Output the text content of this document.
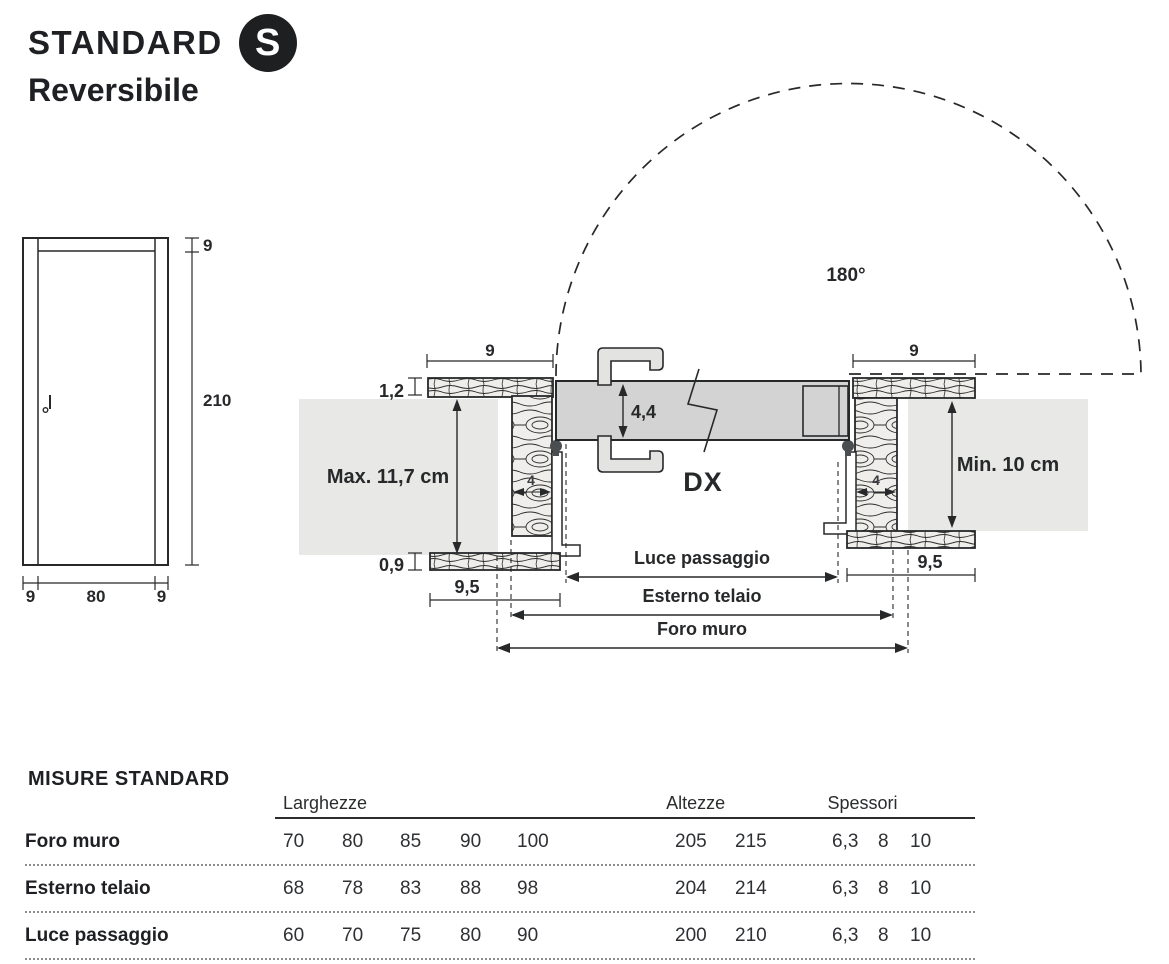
STANDARD S
Reversibile
9
210
9	80	9
4	4
4,4
DX
180°
9	9
1,2
0,9
Max. 11,7 cm
Min. 10 cm
9,5
9,5
Luce passaggio
Esterno telaio
Foro muro
MISURE STANDARD
Larghezze	Altezze	Spessori
Foro muro	70	80	85	90	100	205	215	6,3	8	10
Esterno telaio	68	78	83	88	98	204	214	6,3	8	10
Luce passaggio	60	70	75	80	90	200	210	6,3	8	10
